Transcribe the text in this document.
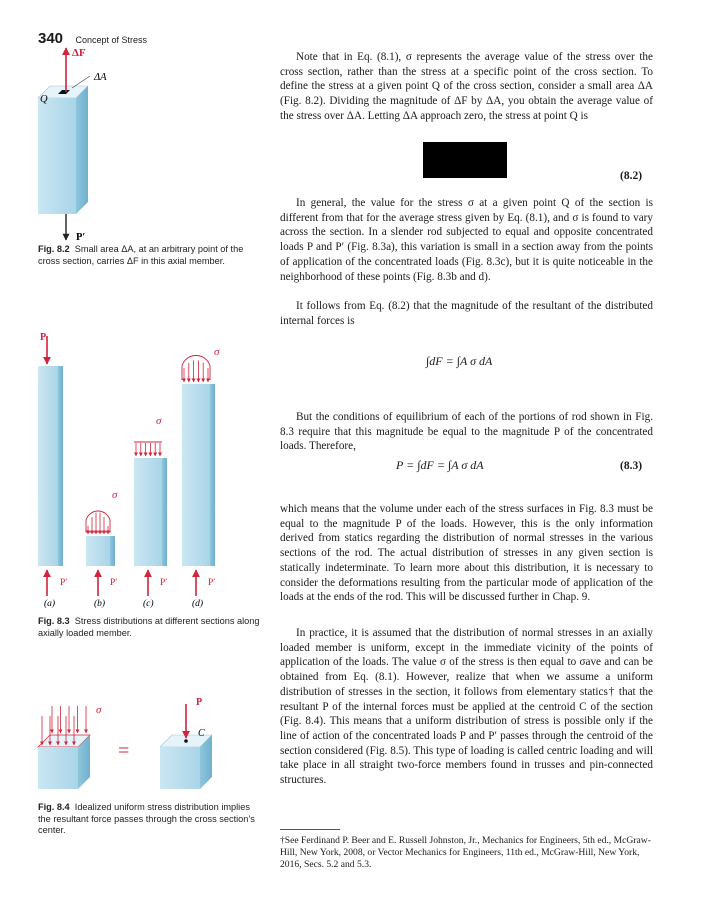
340 Concept of Stress
ΔF
ΔA
Q
P′
P
σ
σ
σ
P′	P′	P′	P′
(a)	(b)	(c)	(d)
σ
=
P
C
Fig. 8.2 Small area ΔA, at an arbitrary point of the cross section, carries ΔF in this axial member.
Fig. 8.3 Stress distributions at different sections along axially loaded member.
Fig. 8.4 Idealized uniform stress distribution implies the resultant force passes through the cross section’s center.

Note that in Eq. (8.1), σ represents the average value of the stress over the cross section, rather than the stress at a specific point of the cross section. To define the stress at a given point Q of the cross section, consider a small area ΔA (Fig. 8.2). Dividing the magnitude of ΔF by ΔA, you obtain the average value of the stress over ΔA. Letting ΔA approach zero, the stress at point Q is

(8.2)

In general, the value for the stress σ at a given point Q of the section is different from that for the average stress given by Eq. (8.1), and σ is found to vary across the section. In a slender rod subjected to equal and opposite concentrated loads P and P′ (Fig. 8.3a), this variation is small in a section away from the points of application of the concentrated loads (Fig. 8.3c), but it is quite noticeable in the neighborhood of these points (Fig. 8.3b and d).

It follows from Eq. (8.2) that the magnitude of the resultant of the distributed internal forces is

∫dF = ∫A σ dA

But the conditions of equilibrium of each of the portions of rod shown in Fig. 8.3 require that this magnitude be equal to the magnitude P of the concentrated loads. Therefore,

P = ∫dF = ∫A σ dA	(8.3)

which means that the volume under each of the stress surfaces in Fig. 8.3 must be equal to the magnitude P of the loads. However, this is the only information derived from statics regarding the distribution of normal stresses in the various sections of the rod. The actual distribution of stresses in any given section is statically indeterminate. To learn more about this distribution, it is necessary to consider the deformations resulting from the particular mode of application of the loads at the ends of the rod. This will be discussed further in Chap. 9.

In practice, it is assumed that the distribution of normal stresses in an axially loaded member is uniform, except in the immediate vicinity of the points of application of the loads. The value σ of the stress is then equal to σave and can be obtained from Eq. (8.1). However, realize that when we assume a uniform distribution of stresses in the section, it follows from elementary statics† that the resultant P of the internal forces must be applied at the centroid C of the section (Fig. 8.4). This means that a uniform distribution of stress is possible only if the line of action of the concentrated loads P and P′ passes through the centroid of the section considered (Fig. 8.5). This type of loading is called centric loading and will take place in all straight two-force members found in trusses and pin-connected structures.

†See Ferdinand P. Beer and E. Russell Johnston, Jr., Mechanics for Engineers, 5th ed., McGraw-Hill, New York, 2008, or Vector Mechanics for Engineers, 11th ed., McGraw-Hill, New York, 2016, Secs. 5.2 and 5.3.
